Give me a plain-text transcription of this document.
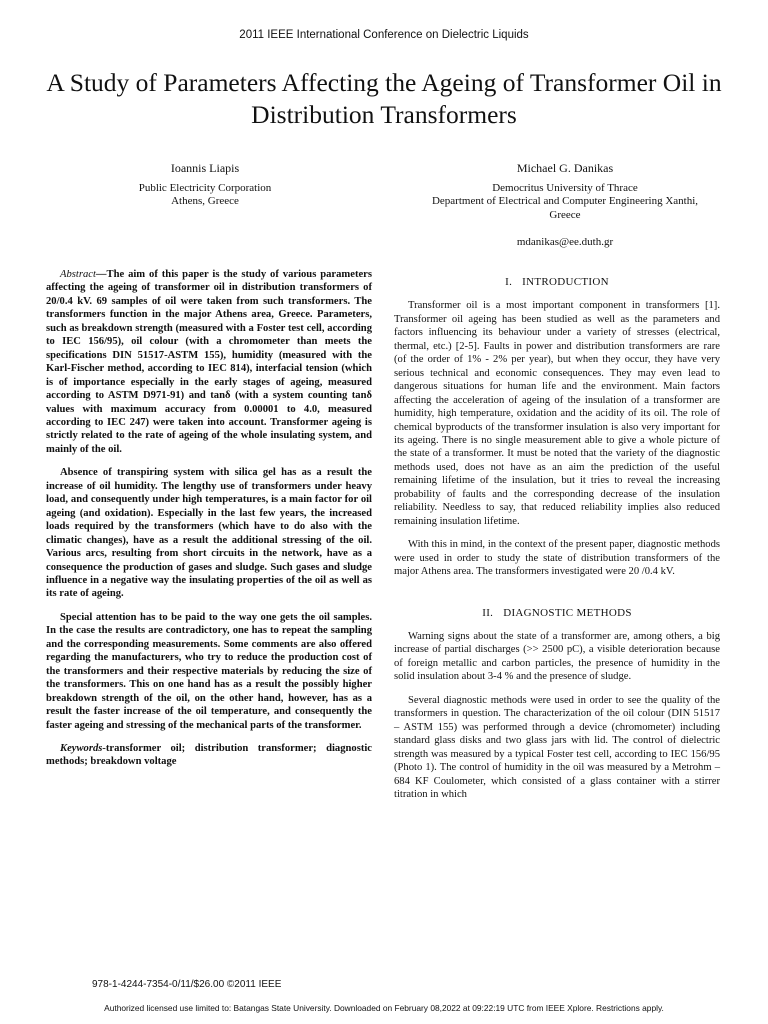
2011 IEEE International Conference on Dielectric Liquids
A Study of Parameters Affecting the Ageing of Transformer Oil in Distribution Transformers
Ioannis Liapis
Public Electricity Corporation
Athens, Greece
Michael G. Danikas
Democritus University of Thrace
Department of Electrical and Computer Engineering Xanthi,
Greece
mdanikas@ee.duth.gr

Abstract—The aim of this paper is the study of various parameters affecting the ageing of transformer oil in distribution transformers of 20/0.4 kV. 69 samples of oil were taken from such transformers. The transformers function in the major Athens area, Greece. Parameters, such as breakdown strength (measured with a Foster test cell, according to IEC 156/95), oil colour (with a chromometer than meets the specifications DIN 51517-ASTM 155), humidity (measured with the Karl-Fischer method, according to IEC 814), interfacial tension (which is of importance especially in the early stages of ageing, measured according to ASTM D971-91) and tanδ (with a system counting tanδ values with maximum accuracy from 0.00001 to 4.0, measured according to IEC 247) were taken into account. Transformer ageing is strictly related to the rate of ageing of the whole insulating system, and mainly of the oil.

Absence of transpiring system with silica gel has as a result the increase of oil humidity. The lengthy use of transformers under heavy load, and consequently under high temperatures, is a main factor for oil ageing (and oxidation). Especially in the last few years, the increased loads required by the transformers (which have to do also with the climatic changes), have as a result the additional stressing of the oil. Various arcs, resulting from short circuits in the network, have as a consequence the production of gases and sludge. Such gases and sludge influence in a negative way the insulating properties of the oil as well as its rate of ageing.

Special attention has to be paid to the way one gets the oil samples. In the case the results are contradictory, one has to repeat the sampling and the corresponding measurements. Some comments are also offered regarding the manufacturers, who try to reduce the production cost of the transformers and their respective materials by reducing the size of the transformers. This on one hand has as a result the possibly higher breakdown strength of the oil, on the other hand, however, has as a result the faster increase of the oil temperature, and consequently the faster ageing and stressing of the mechanical parts of the transformer.

Keywords-transformer oil; distribution transformer; diagnostic methods; breakdown voltage

I. INTRODUCTION

Transformer oil is a most important component in transformers [1]. Transformer oil ageing has been studied as well as the parameters and factors influencing its behaviour under a variety of stresses (electrical, thermal, etc.) [2-5]. Faults in power and distribution transformers are rare (of the order of 1% - 2% per year), but when they occur, they have very serious technical and economic consequences. They may even lead to dangerous situations for human life and the environment. Main factors affecting the acceleration of ageing of the insulation of a transformer are humidity, high temperature, oxidation and the acidity of its oil. The role of chemical byproducts of the transformer insulation is also very important for its ageing. There is no single measurement able to give a whole picture of the state of a transformer. It must be noted that the variety of the diagnostic methods used, does not have as an aim the prediction of the useful remaining lifetime of the insulation, but it tries to reveal the increasing probability of faults and the corresponding decrease of the insulation reliability. Needless to say, that reduced reliability implies also reduced remaining insulation lifetime.

With this in mind, in the context of the present paper, diagnostic methods were used in order to study the state of distribution transformers of the major Athens area. The transformers investigated were 20 /0.4 kV.

II. DIAGNOSTIC METHODS

Warning signs about the state of a transformer are, among others, a big increase of partial discharges (>> 2500 pC), a visible deterioration because of foreign metallic and carbon particles, the presence of humidity in the solid insulation about 3-4 % and the presence of sludge.

Several diagnostic methods were used in order to see the quality of the transformers in question. The characterization of the oil colour (DIN 51517 – ASTM 155) was performed through a device (chromometer) including standard glass disks and two glass jars with lid. The control of dielectric strength was measured by a typical Foster test cell, according to IEC 156/95 (Photo 1). The control of humidity in the oil was measured by a Metrohm – 684 KF Coulometer, which consisted of a glass container with a stirrer titration in which

978-1-4244-7354-0/11/$26.00 ©2011 IEEE
Authorized licensed use limited to: Batangas State University. Downloaded on February 08,2022 at 09:22:19 UTC from IEEE Xplore. Restrictions apply.
